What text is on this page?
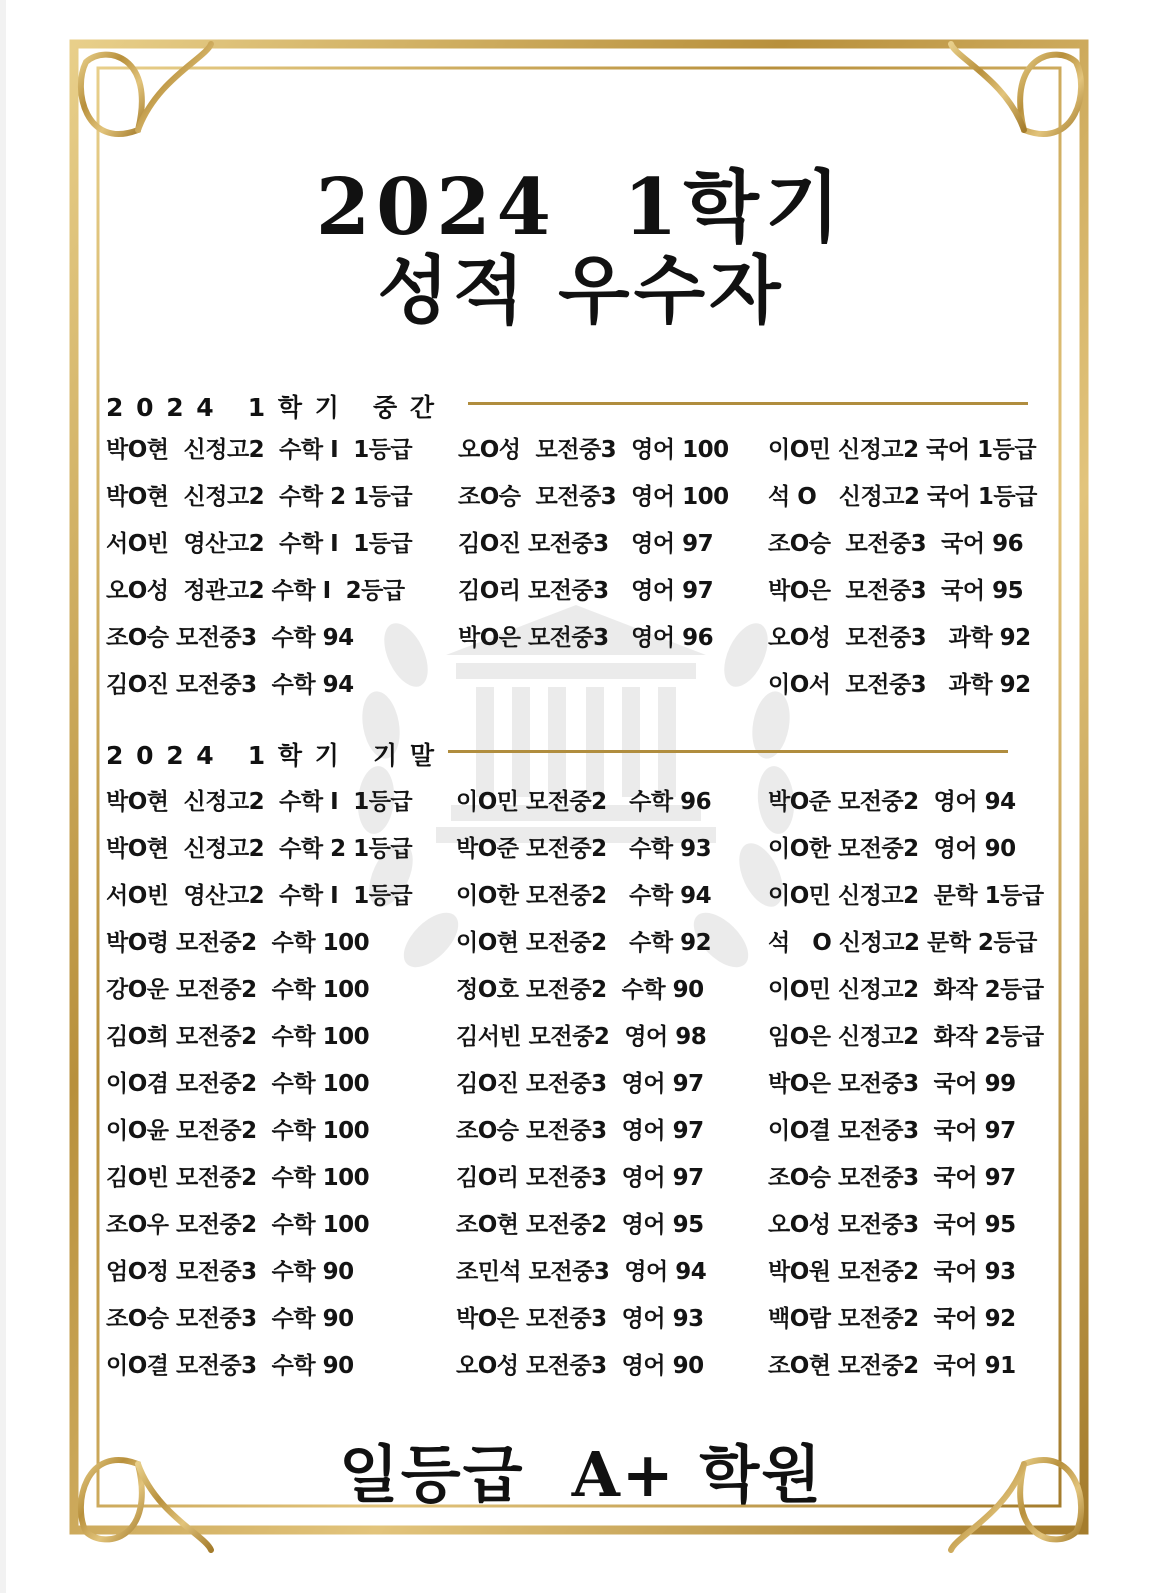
2024  1학기
성적 우수자
2 0 2 4   1 학 기   중 간
박O현  신정고2  수학 I  1등급
박O현  신정고2  수학 2 1등급
서O빈  영산고2  수학 I  1등급
오O성  정관고2 수학 I  2등급
조O승 모전중3  수학 94
김O진 모전중3  수학 94
오O성  모전중3  영어 100
조O승  모전중3  영어 100
김O진 모전중3   영어 97
김O리 모전중3   영어 97
박O은 모전중3   영어 96
이O민 신정고2 국어 1등급
석 O   신정고2 국어 1등급
조O승  모전중3  국어 96
박O은  모전중3  국어 95
오O성  모전중3   과학 92
이O서  모전중3   과학 92
2 0 2 4   1 학 기   기 말
박O현  신정고2  수학 I  1등급
박O현  신정고2  수학 2 1등급
서O빈  영산고2  수학 I  1등급
박O령 모전중2  수학 100
강O운 모전중2  수학 100
김O희 모전중2  수학 100
이O겸 모전중2  수학 100
이O윤 모전중2  수학 100
김O빈 모전중2  수학 100
조O우 모전중2  수학 100
엄O정 모전중3  수학 90
조O승 모전중3  수학 90
이O결 모전중3  수학 90
이O민 모전중2   수학 96
박O준 모전중2   수학 93
이O한 모전중2   수학 94
이O현 모전중2   수학 92
정O호 모전중2  수학 90
김서빈 모전중2  영어 98
김O진 모전중3  영어 97
조O승 모전중3  영어 97
김O리 모전중3  영어 97
조O현 모전중2  영어 95
조민석 모전중3  영어 94
박O은 모전중3  영어 93
오O성 모전중3  영어 90
박O준 모전중2  영어 94
이O한 모전중2  영어 90
이O민 신정고2  문학 1등급
석   O 신정고2 문학 2등급
이O민 신정고2  화작 2등급
임O은 신정고2  화작 2등급
박O은 모전중3  국어 99
이O결 모전중3  국어 97
조O승 모전중3  국어 97
오O성 모전중3  국어 95
박O원 모전중2  국어 93
백O람 모전중2  국어 92
조O현 모전중2  국어 91

일등급  A+ 학원
